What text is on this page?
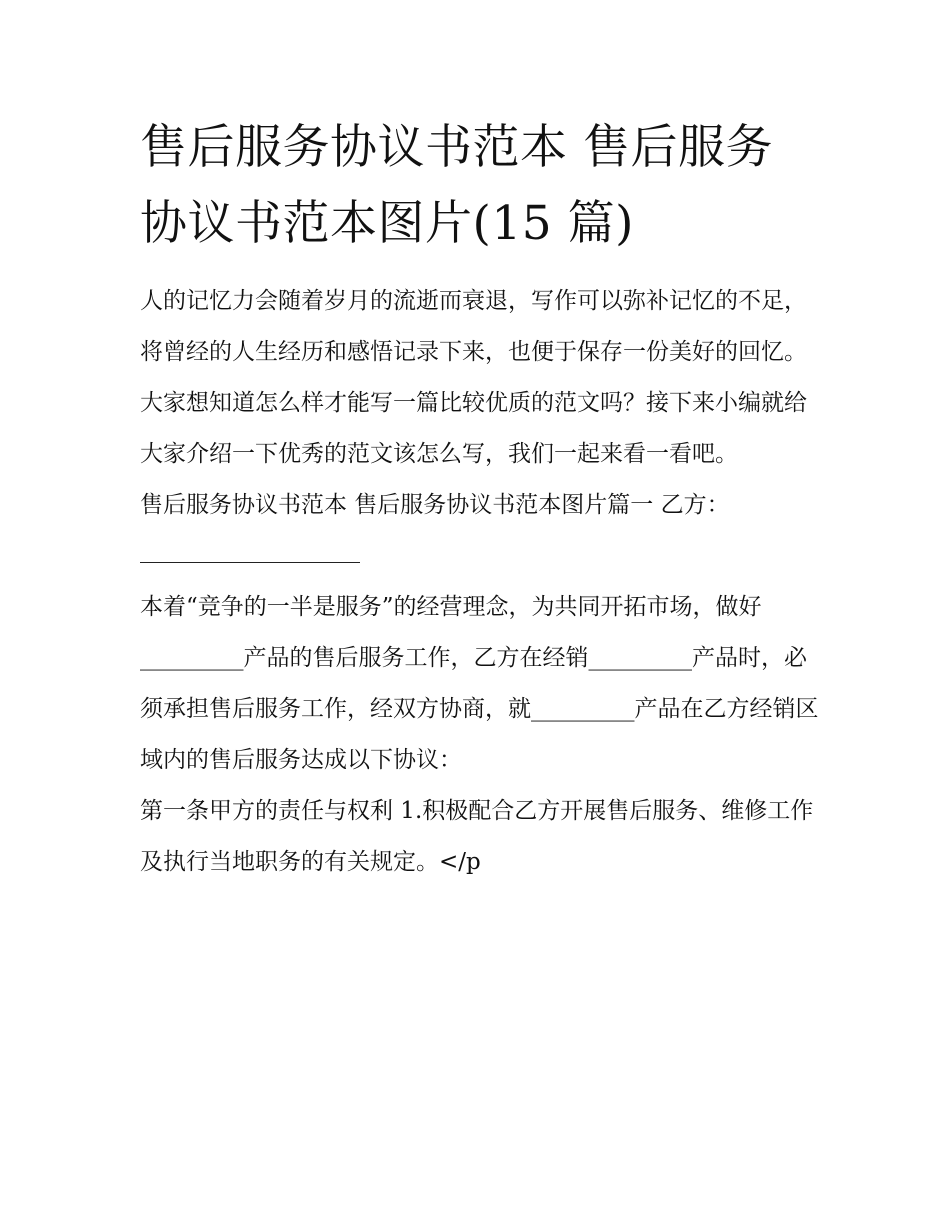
售后服务协议书范本 售后服务协议书范本图片(15 篇)

人的记忆力会随着岁月的流逝而衰退，写作可以弥补记忆的不足，将曾经的人生经历和感悟记录下来，也便于保存一份美好的回忆。大家想知道怎么样才能写一篇比较优质的范文吗？接下来小编就给大家介绍一下优秀的范文该怎么写，我们一起来看一看吧。

售后服务协议书范本 售后服务协议书范本图片篇一 乙方：

本着“竞争的一半是服务”的经营理念，为共同开拓市场，做好_________产品的售后服务工作，乙方在经销_________产品时，必须承担售后服务工作，经双方协商，就_________产品在乙方经销区域内的售后服务达成以下协议：

第一条甲方的责任与权利 1.积极配合乙方开展售后服务、维修工作及执行当地职务的有关规定。</p
